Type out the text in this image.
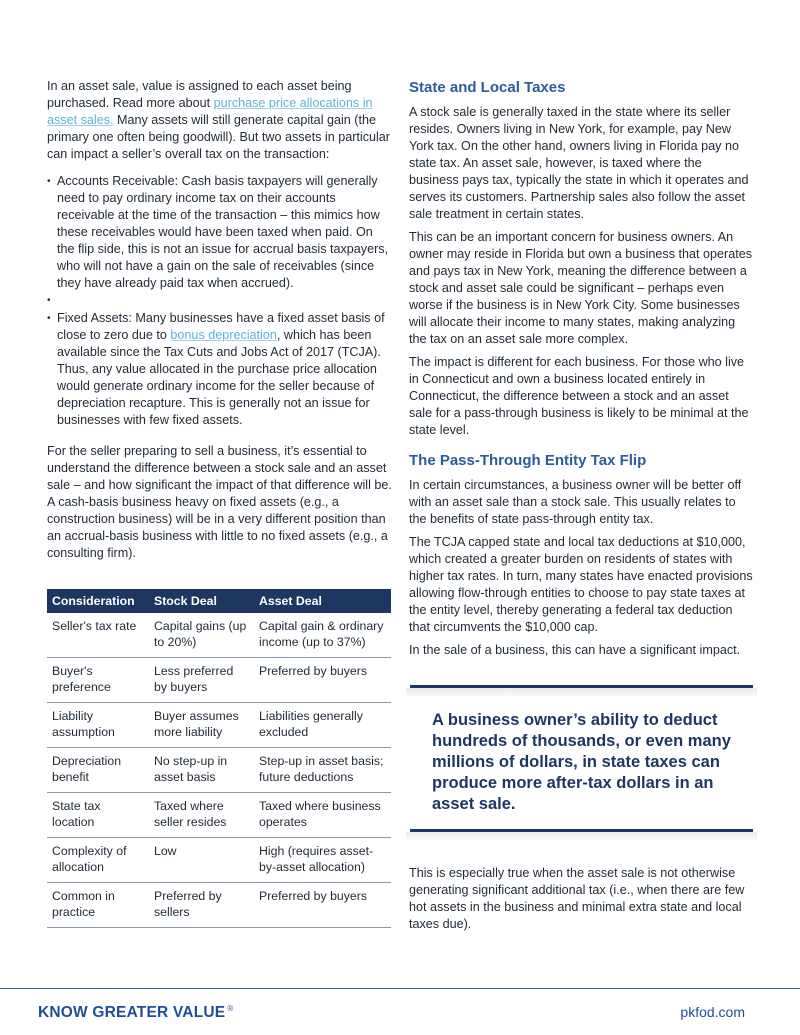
In an asset sale, value is assigned to each asset being purchased. Read more about purchase price allocations in asset sales. Many assets will still generate capital gain (the primary one often being goodwill). But two assets in particular can impact a seller’s overall tax on the transaction:

• Accounts Receivable: Cash basis taxpayers will generally need to pay ordinary income tax on their accounts receivable at the time of the transaction – this mimics how these receivables would have been taxed when paid. On the flip side, this is not an issue for accrual basis taxpayers, who will not have a gain on the sale of receivables (since they have already paid tax when accrued).
•
• Fixed Assets: Many businesses have a fixed asset basis of close to zero due to bonus depreciation, which has been available since the Tax Cuts and Jobs Act of 2017 (TCJA). Thus, any value allocated in the purchase price allocation would generate ordinary income for the seller because of depreciation recapture. This is generally not an issue for businesses with few fixed assets.

For the seller preparing to sell a business, it’s essential to understand the difference between a stock sale and an asset sale – and how significant the impact of that difference will be. A cash-basis business heavy on fixed assets (e.g., a construction business) will be in a very different position than an accrual-basis business with little to no fixed assets (e.g., a consulting firm).

Consideration	Stock Deal	Asset Deal
Seller's tax rate	Capital gains (up to 20%)	Capital gain & ordinary income (up to 37%)
Buyer's preference	Less preferred by buyers	Preferred by buyers
Liability assumption	Buyer assumes more liability	Liabilities generally excluded
Depreciation benefit	No step-up in asset basis	Step-up in asset basis; future deductions
State tax location	Taxed where seller resides	Taxed where business operates
Complexity of allocation	Low	High (requires asset-by-asset allocation)
Common in practice	Preferred by sellers	Preferred by buyers
State and Local Taxes

A stock sale is generally taxed in the state where its seller resides. Owners living in New York, for example, pay New York tax. On the other hand, owners living in Florida pay no state tax. An asset sale, however, is taxed where the business pays tax, typically the state in which it operates and serves its customers. Partnership sales also follow the asset sale treatment in certain states.

This can be an important concern for business owners. An owner may reside in Florida but own a business that operates and pays tax in New York, meaning the difference between a stock and asset sale could be significant – perhaps even worse if the business is in New York City. Some businesses will allocate their income to many states, making analyzing the tax on an asset sale more complex.

The impact is different for each business. For those who live in Connecticut and own a business located entirely in Connecticut, the difference between a stock and an asset sale for a pass-through business is likely to be minimal at the state level.

The Pass-Through Entity Tax Flip

In certain circumstances, a business owner will be better off with an asset sale than a stock sale. This usually relates to the benefits of state pass-through entity tax.

The TCJA capped state and local tax deductions at $10,000, which created a greater burden on residents of states with higher tax rates. In turn, many states have enacted provisions allowing flow-through entities to choose to pay state taxes at the entity level, thereby generating a federal tax deduction that circumvents the $10,000 cap.

In the sale of a business, this can have a significant impact.

A business owner’s ability to deduct hundreds of thousands, or even many millions of dollars, in state taxes can produce more after-tax dollars in an asset sale.

This is especially true when the asset sale is not otherwise generating significant additional tax (i.e., when there are few hot assets in the business and minimal extra state and local taxes due).

KNOW GREATER VALUE ®	pkfod.com
